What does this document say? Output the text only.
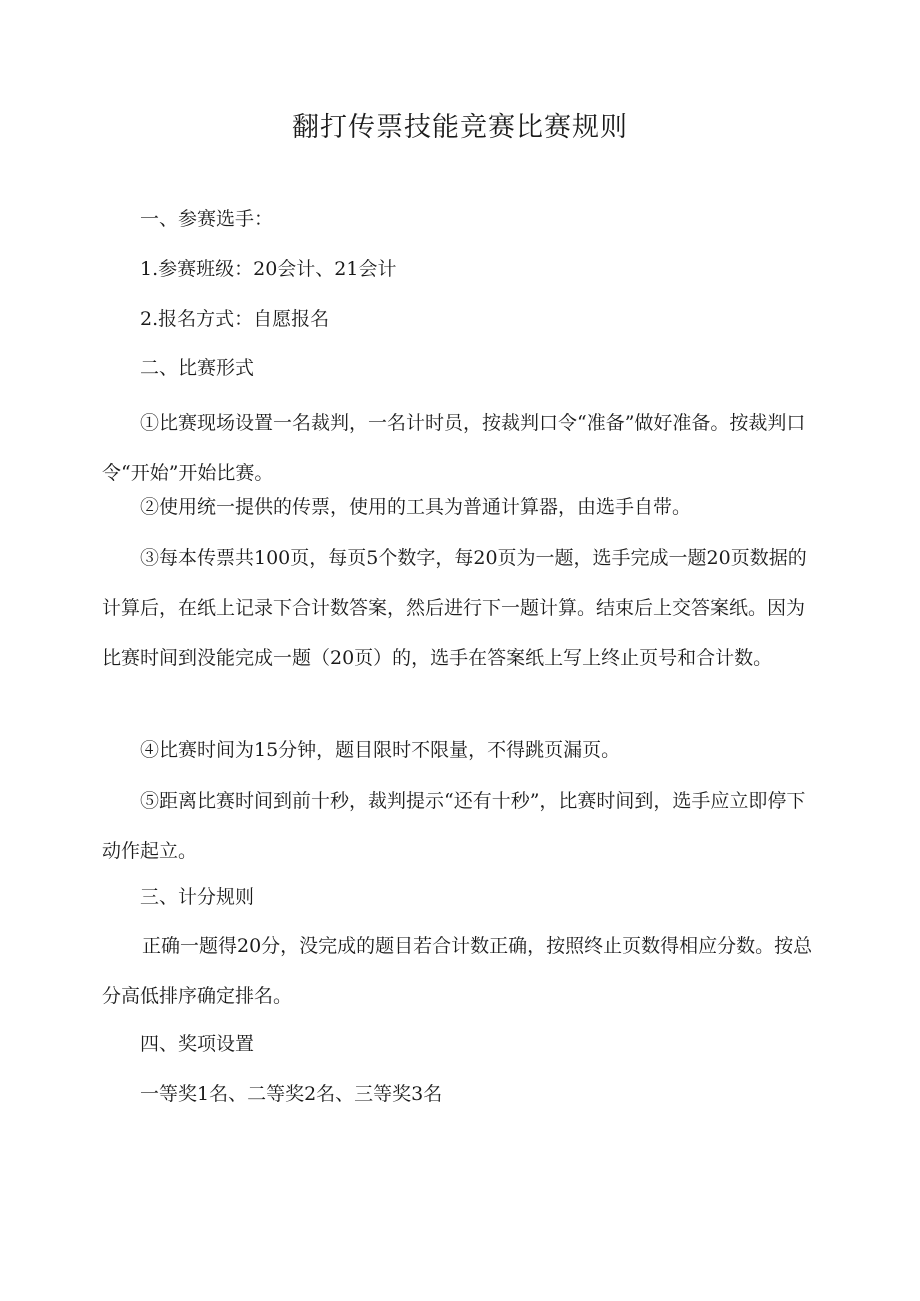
翻打传票技能竞赛比赛规则

一、参赛选手：

1.参赛班级：20会计、21会计

2.报名方式：自愿报名

二、比赛形式

①比赛现场设置一名裁判，一名计时员，按裁判口令“准备”做好准备。按裁判口令“开始”开始比赛。

②使用统一提供的传票，使用的工具为普通计算器，由选手自带。

③每本传票共100页，每页5个数字，每20页为一题，选手完成一题20页数据的计算后，在纸上记录下合计数答案，然后进行下一题计算。结束后上交答案纸。因为比赛时间到没能完成一题（20页）的，选手在答案纸上写上终止页号和合计数。

④比赛时间为15分钟，题目限时不限量，不得跳页漏页。

⑤距离比赛时间到前十秒，裁判提示“还有十秒”，比赛时间到，选手应立即停下动作起立。

三、计分规则

正确一题得20分，没完成的题目若合计数正确，按照终止页数得相应分数。按总分高低排序确定排名。

四、奖项设置

一等奖1名、二等奖2名、三等奖3名
